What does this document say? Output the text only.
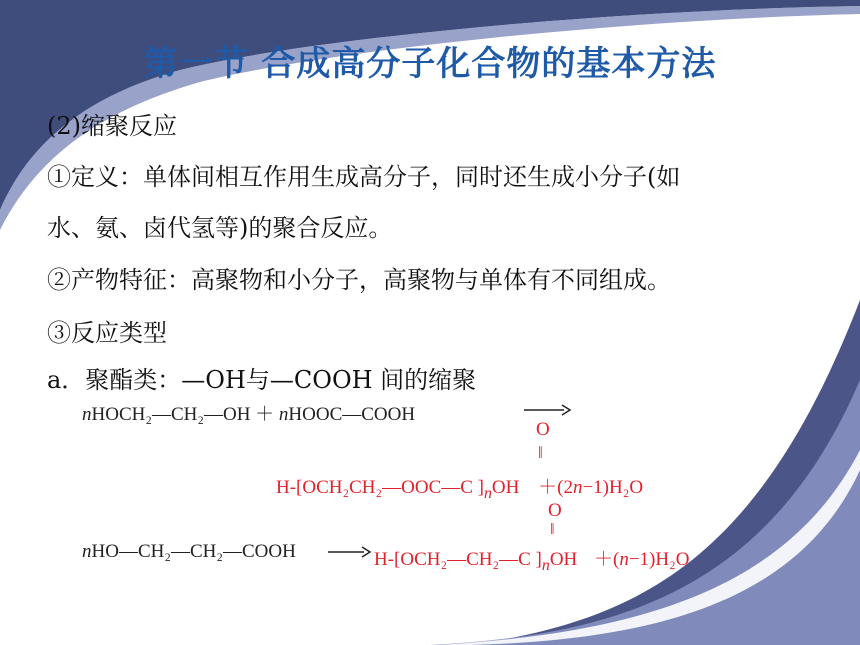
第一节 合成高分子化合物的基本方法
(2)缩聚反应
①定义：单体间相互作用生成高分子，同时还生成小分子(如
水、氨、卤代氢等)的聚合反应。
②产物特征：高聚物和小分子，高聚物与单体有不同组成。
③反应类型
a．聚酯类：—OH与—COOH 间的缩聚
nHOCH₂—CH₂—OH ＋ nHOOC—COOH
O
‖
H-[OCH₂CH₂—OOC—C ]$_nOH +(2n-1)H_2O$
O
‖
nHO—CH₂—CH₂—COOH → H-[OCH₂—CH₂—C ]$_nOH +(n-1)H_2O$
